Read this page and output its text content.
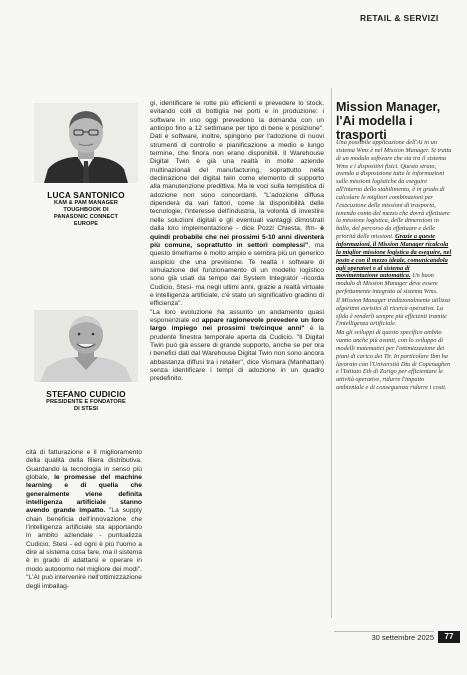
RETAIL & SERVIZI
LUCA SANTONICO
KAM & PAM MANAGER
TOUGHBOOK DI
PANASONIC CONNECT
EUROPE
STEFANO CUDICIO
PRESIDENTE E FONDATORE
DI STESI

cità di fatturazione e il miglioramento della qualità della filiera distributiva. Guardando la tecnologia in senso più globale, le promesse del machine learning e di quella che generalmente viene definita intelligenza artificiale stanno avendo grande impatto. "La supply chain beneficia dell'innovazione che l'intelligenza artificiale sta apportando in ambito aziendale - puntualizza Cudicio, Stesi - ed ogni è più l'uomo a dire al sistema cosa fare, ma il sistema è in grado di adattarsi e operare in modo autonomo nel migliore dei modi". "L'AI può intervenire nell'ottimizzazione degli imballag-

gi, identificare le rotte più efficienti e prevedere lo stock, evitando colli di bottiglia nei porti e in produzione: i software in uso oggi prevedono la domanda con un anticipo fino a 12 settimane per tipo di bene e posizione". Dati e software, inoltre, spingono per l'adozione di nuovi strumenti di controllo e pianificazione a medio e lungo termine, che finora non erano disponibili. Il Warehouse Digital Twin è già una realtà in molte aziende multinazionali del manufacturing, soprattutto nella declinazione del digital twin come elemento di supporto alla manutenzione predittiva. Ma le voci sulla tempistica di adozione non sono concordanti. "L'adozione diffusa dipenderà da vari fattori, come la disponibilità delle tecnologie, l'interesse dell'industria, la volontà di investire nelle soluzioni digitali e gli eventuali vantaggi dimostrati dalla loro implementazione - dice Pozzi Chiesta, Ifm- è quindi probabile che nei prossimi 5-10 anni diventerà più comune, soprattutto in settori complessi", ma questo timeframe è molto ampio e sembra più un generico auspicio che una previsione. Te realtà i software di simulazione del funzionamento di un modello logistico sono già usati da tempo dai System Integrator -ricorda Cudicio, Stesi- ma negli ultimi anni, grazie a realtà virtuale e intelligenza artificiale, c'è stato un significativo gradino di efficienza".

"La loro evoluzione ha assunto un andamento quasi esponenziale ed appare ragionevole prevedere un loro largo impiego nei prossimi tre/cinque anni" è la prudente finestra temporale aperta da Cudicio. "Il Digital Twin può già essere di grande supporto, anche se per ora i benefici dati dal Warehouse Digital Twin non sono ancora abbastanza diffusi tra i retailer", dice Vismara (Manhattan) senza identificare i tempi di adozione in un quadro predefinito.

Mission Manager, l'Ai modella i trasporti

Una possibile applicazione dell'Ai in un sistema Wms è nel Mission Manager. Si tratta di un modulo software che sta tra il sistema Wms e i dispositivi fisici. Questo strato, avendo a disposizione tutte le informazioni sulle missioni logistiche da eseguire all'interno dello stabilimento, è in grado di calcolare le migliori combinazioni per l'esecuzione delle missioni di trasporto, tenendo conto del mezzo che dovrà effettuare la missione logistica, delle dimensioni in ballo, del percorso da effettuare e delle priorità delle missioni. Grazie a queste informazioni, il Mission Manager ricalcola la miglior missione logistica da eseguire, nel posto e con il mezzo ideale, comunicandola agli operatori o al sistema di movimentazione automatica. Un buon modulo di Mission Manager deve essere perfettamente integrato al sistema Wms.

Il Mission Manager tradizionalmente utilizza algoritmi euristici di ricerca operativa. La sfida è renderli sempre più efficienti tramite l'intelligenza artificiale.

Ma gli sviluppi di questo specifico ambito vanno anche più avanti, con lo sviluppo di modelli matematici per l'ottimizzazione dei piani di carico dei Tir. In particolare Ibm ha lavorato con l'Università Dtu di Copenaghen e l'Istituto Eth di Zurigo per efficientare le attività operative, ridurre l'impatto ambientale e di conseguenza ridurre i costi.

30 settembre 2025	77
